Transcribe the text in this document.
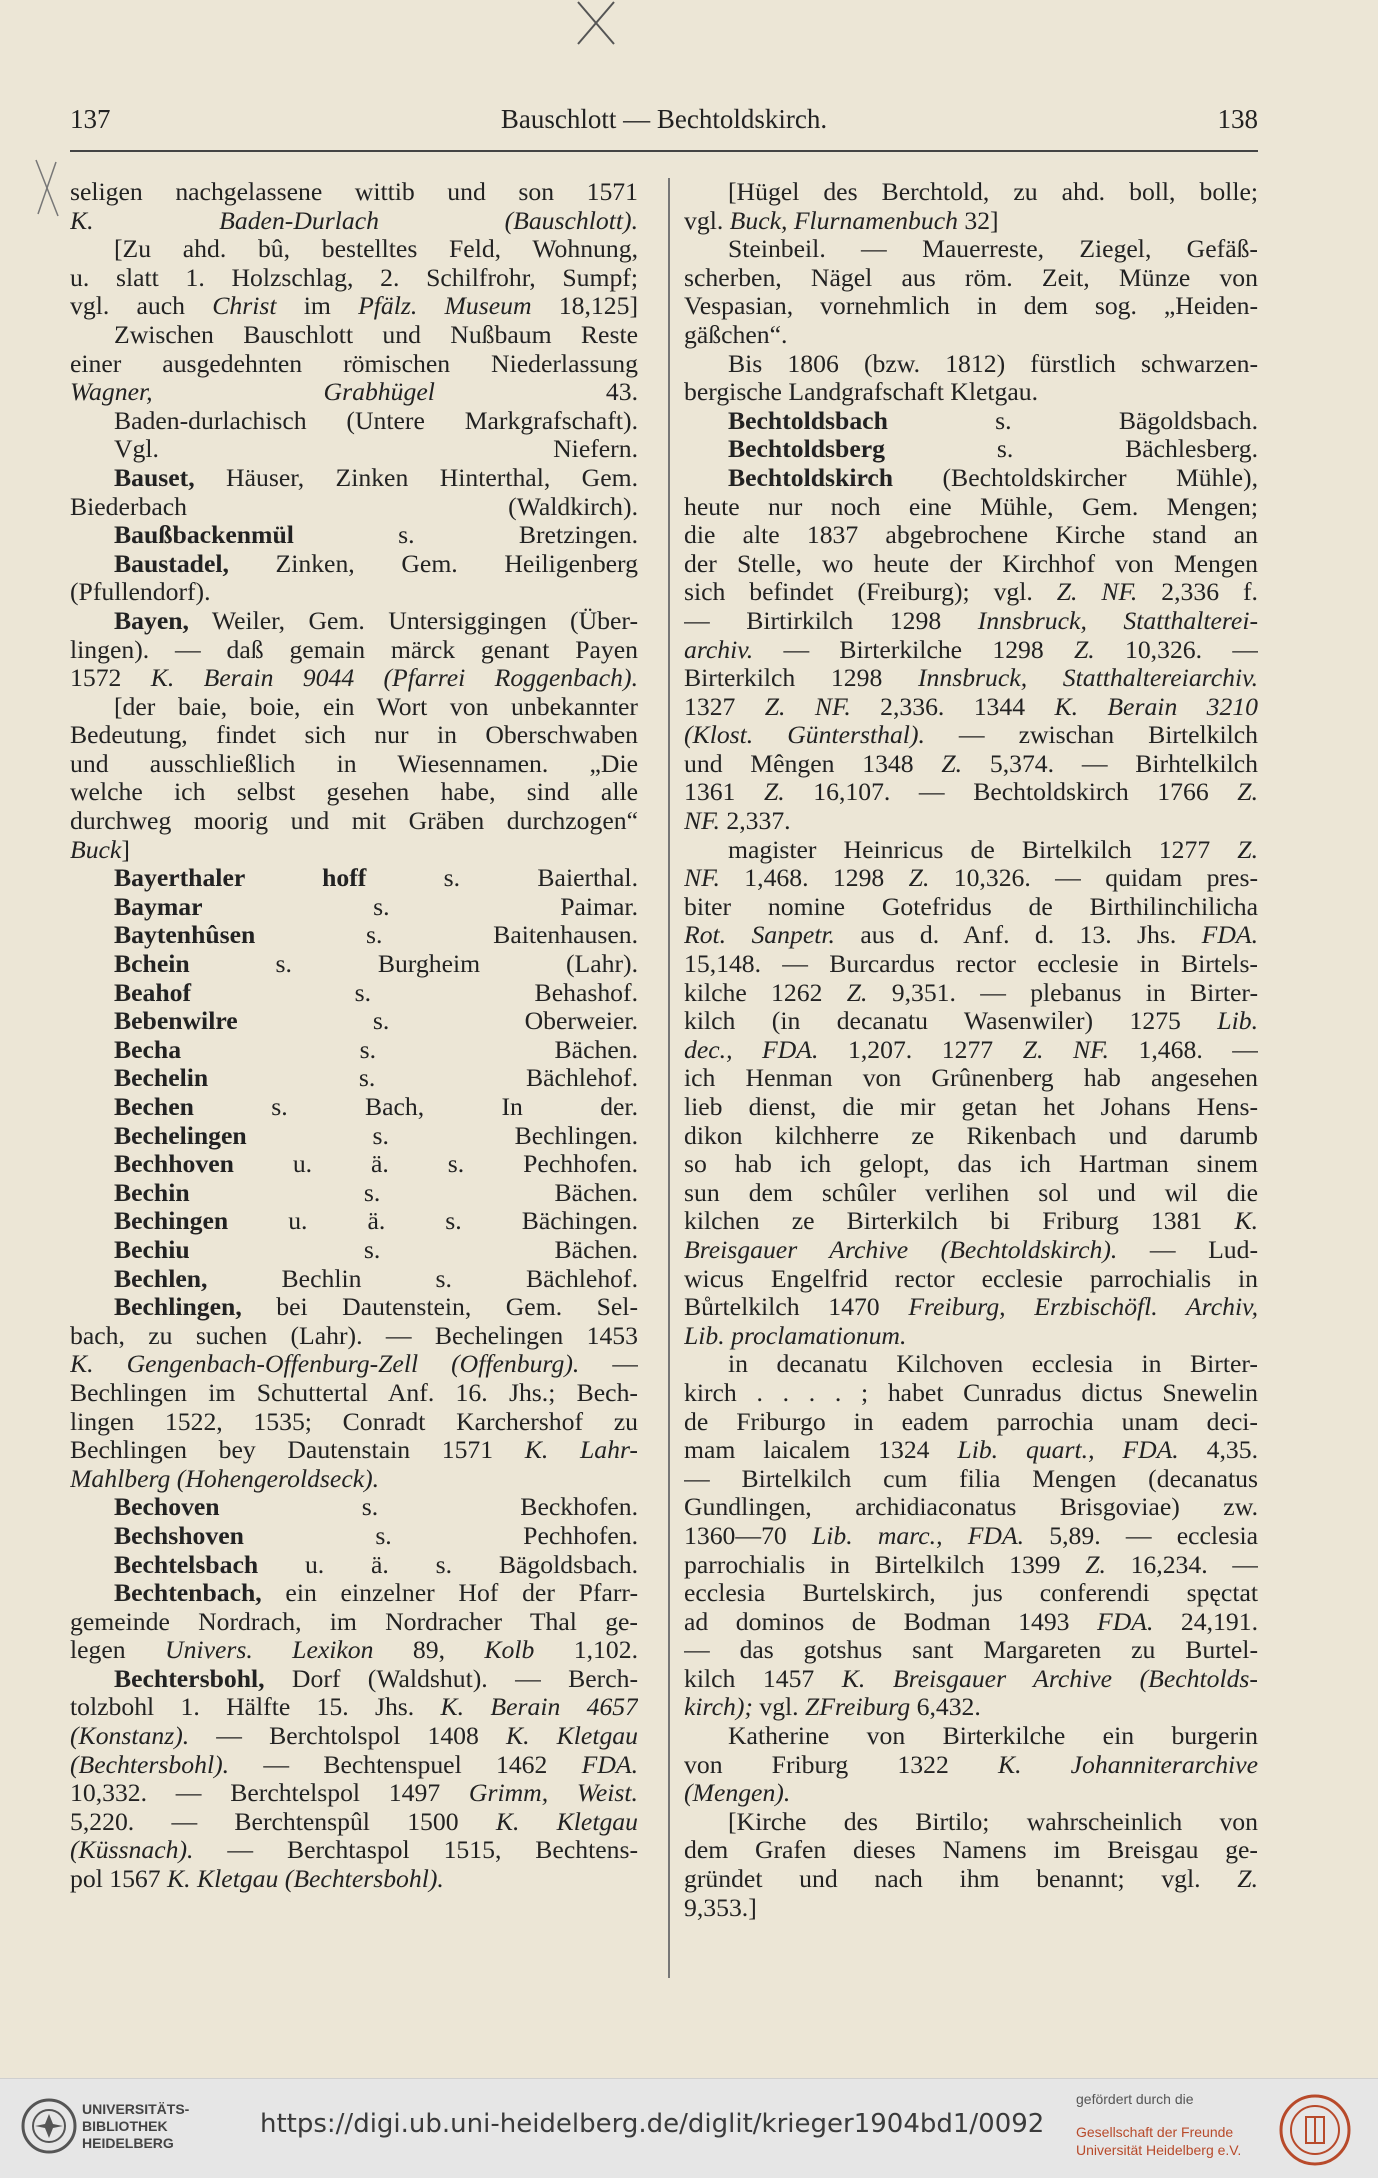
137	Bauschlott — Bechtoldskirch.	138
seligen nachgelassene wittib und son 1571
K. Baden-Durlach (Bauschlott).
[Zu ahd. bû, bestelltes Feld, Wohnung,
u. slatt 1. Holzschlag, 2. Schilfrohr, Sumpf;
vgl. auch Christ im Pfälz. Museum 18,125]
Zwischen Bauschlott und Nußbaum Reste
einer ausgedehnten römischen Niederlassung
Wagner, Grabhügel 43.
Baden-durlachisch (Untere Markgrafschaft).
Vgl. Niefern.
Bauset, Häuser, Zinken Hinterthal, Gem.
Biederbach (Waldkirch).
Baußbackenmül s. Bretzingen.
Baustadel, Zinken, Gem. Heiligenberg
(Pfullendorf).
Bayen, Weiler, Gem. Untersiggingen (Über-
lingen). — daß gemain märck genant Payen
1572 K. Berain 9044 (Pfarrei Roggenbach).
[der baie, boie, ein Wort von unbekannter
Bedeutung, findet sich nur in Oberschwaben
und ausschließlich in Wiesennamen. „Die
welche ich selbst gesehen habe, sind alle
durchweg moorig und mit Gräben durchzogen“
Buck]
Bayerthaler hoff s. Baierthal.
Baymar s. Paimar.
Baytenhûsen s. Baitenhausen.
Bchein s. Burgheim (Lahr).
Beahof s. Behashof.
Bebenwilre s. Oberweier.
Becha s. Bächen.
Bechelin s. Bächlehof.
Bechen s. Bach, In der.
Bechelingen s. Bechlingen.
Bechhoven u. ä. s. Pechhofen.
Bechin s. Bächen.
Bechingen u. ä. s. Bächingen.
Bechiu s. Bächen.
Bechlen, Bechlin s. Bächlehof.
Bechlingen, bei Dautenstein, Gem. Sel-
bach, zu suchen (Lahr). — Bechelingen 1453
K. Gengenbach-Offenburg-Zell (Offenburg). —
Bechlingen im Schuttertal Anf. 16. Jhs.; Bech-
lingen 1522, 1535; Conradt Karchershof zu
Bechlingen bey Dautenstain 1571 K. Lahr-
Mahlberg (Hohengeroldseck).
Bechoven s. Beckhofen.
Bechshoven s. Pechhofen.
Bechtelsbach u. ä. s. Bägoldsbach.
Bechtenbach, ein einzelner Hof der Pfarr-
gemeinde Nordrach, im Nordracher Thal ge-
legen Univers. Lexikon 89, Kolb 1,102.
Bechtersbohl, Dorf (Waldshut). — Berch-
tolzbohl 1. Hälfte 15. Jhs. K. Berain 4657
(Konstanz). — Berchtolspol 1408 K. Kletgau
(Bechtersbohl). — Bechtenspuel 1462 FDA.
10,332. — Berchtelspol 1497 Grimm, Weist.
5,220. — Berchtenspûl 1500 K. Kletgau
(Küssnach). — Berchtaspol 1515, Bechtens-
pol 1567 K. Kletgau (Bechtersbohl).
[Hügel des Berchtold, zu ahd. boll, bolle;
vgl. Buck, Flurnamenbuch 32]
Steinbeil. — Mauerreste, Ziegel, Gefäß-
scherben, Nägel aus röm. Zeit, Münze von
Vespasian, vornehmlich in dem sog. „Heiden-
gäßchen“.
Bis 1806 (bzw. 1812) fürstlich schwarzen-
bergische Landgrafschaft Kletgau.
Bechtoldsbach s. Bägoldsbach.
Bechtoldsberg s. Bächlesberg.
Bechtoldskirch (Bechtoldskircher Mühle),
heute nur noch eine Mühle, Gem. Mengen;
die alte 1837 abgebrochene Kirche stand an
der Stelle, wo heute der Kirchhof von Mengen
sich befindet (Freiburg); vgl. Z. NF. 2,336 f.
— Birtirkilch 1298 Innsbruck, Statthalterei-
archiv. — Birterkilche 1298 Z. 10,326. —
Birterkilch 1298 Innsbruck, Statthaltereiarchiv.
1327 Z. NF. 2,336. 1344 K. Berain 3210
(Klost. Güntersthal). — zwischan Birtelkilch
und Mêngen 1348 Z. 5,374. — Birhtelkilch
1361 Z. 16,107. — Bechtoldskirch 1766 Z.
NF. 2,337.
magister Heinricus de Birtelkilch 1277 Z.
NF. 1,468. 1298 Z. 10,326. — quidam pres-
biter nomine Gotefridus de Birthilinchilicha
Rot. Sanpetr. aus d. Anf. d. 13. Jhs. FDA.
15,148. — Burcardus rector ecclesie in Birtels-
kilche 1262 Z. 9,351. — plebanus in Birter-
kilch (in decanatu Wasenwiler) 1275 Lib.
dec., FDA. 1,207. 1277 Z. NF. 1,468. —
ich Henman von Grûnenberg hab angesehen
lieb dienst, die mir getan het Johans Hens-
dikon kilchherre ze Rikenbach und darumb
so hab ich gelopt, das ich Hartman sinem
sun dem schûler verlihen sol und wil die
kilchen ze Birterkilch bi Friburg 1381 K.
Breisgauer Archive (Bechtoldskirch). — Lud-
wicus Engelfrid rector ecclesie parrochialis in
Bůrtelkilch 1470 Freiburg, Erzbischöfl. Archiv,
Lib. proclamationum.
in decanatu Kilchoven ecclesia in Birter-
kirch . . . . ; habet Cunradus dictus Snewelin
de Friburgo in eadem parrochia unam deci-
mam laicalem 1324 Lib. quart., FDA. 4,35.
— Birtelkilch cum filia Mengen (decanatus
Gundlingen, archidiaconatus Brisgoviae) zw.
1360—70 Lib. marc., FDA. 5,89. — ecclesia
parrochialis in Birtelkilch 1399 Z. 16,234. —
ecclesia Burtelskirch, jus conferendi spęctat
ad dominos de Bodman 1493 FDA. 24,191.
— das gotshus sant Margareten zu Burtel-
kilch 1457 K. Breisgauer Archive (Bechtolds-
kirch); vgl. ZFreiburg 6,432.
Katherine von Birterkilche ein burgerin
von Friburg 1322 K. Johanniterarchive
(Mengen).
[Kirche des Birtilo; wahrscheinlich von
dem Grafen dieses Namens im Breisgau ge-
gründet und nach ihm benannt; vgl. Z.
9,353.]
UNIVERSITÄTS-
BIBLIOTHEK
HEIDELBERG
https://digi.ub.uni-heidelberg.de/diglit/krieger1904bd1/0092
gefördert durch die
Gesellschaft der Freunde
Universität Heidelberg e.V.
